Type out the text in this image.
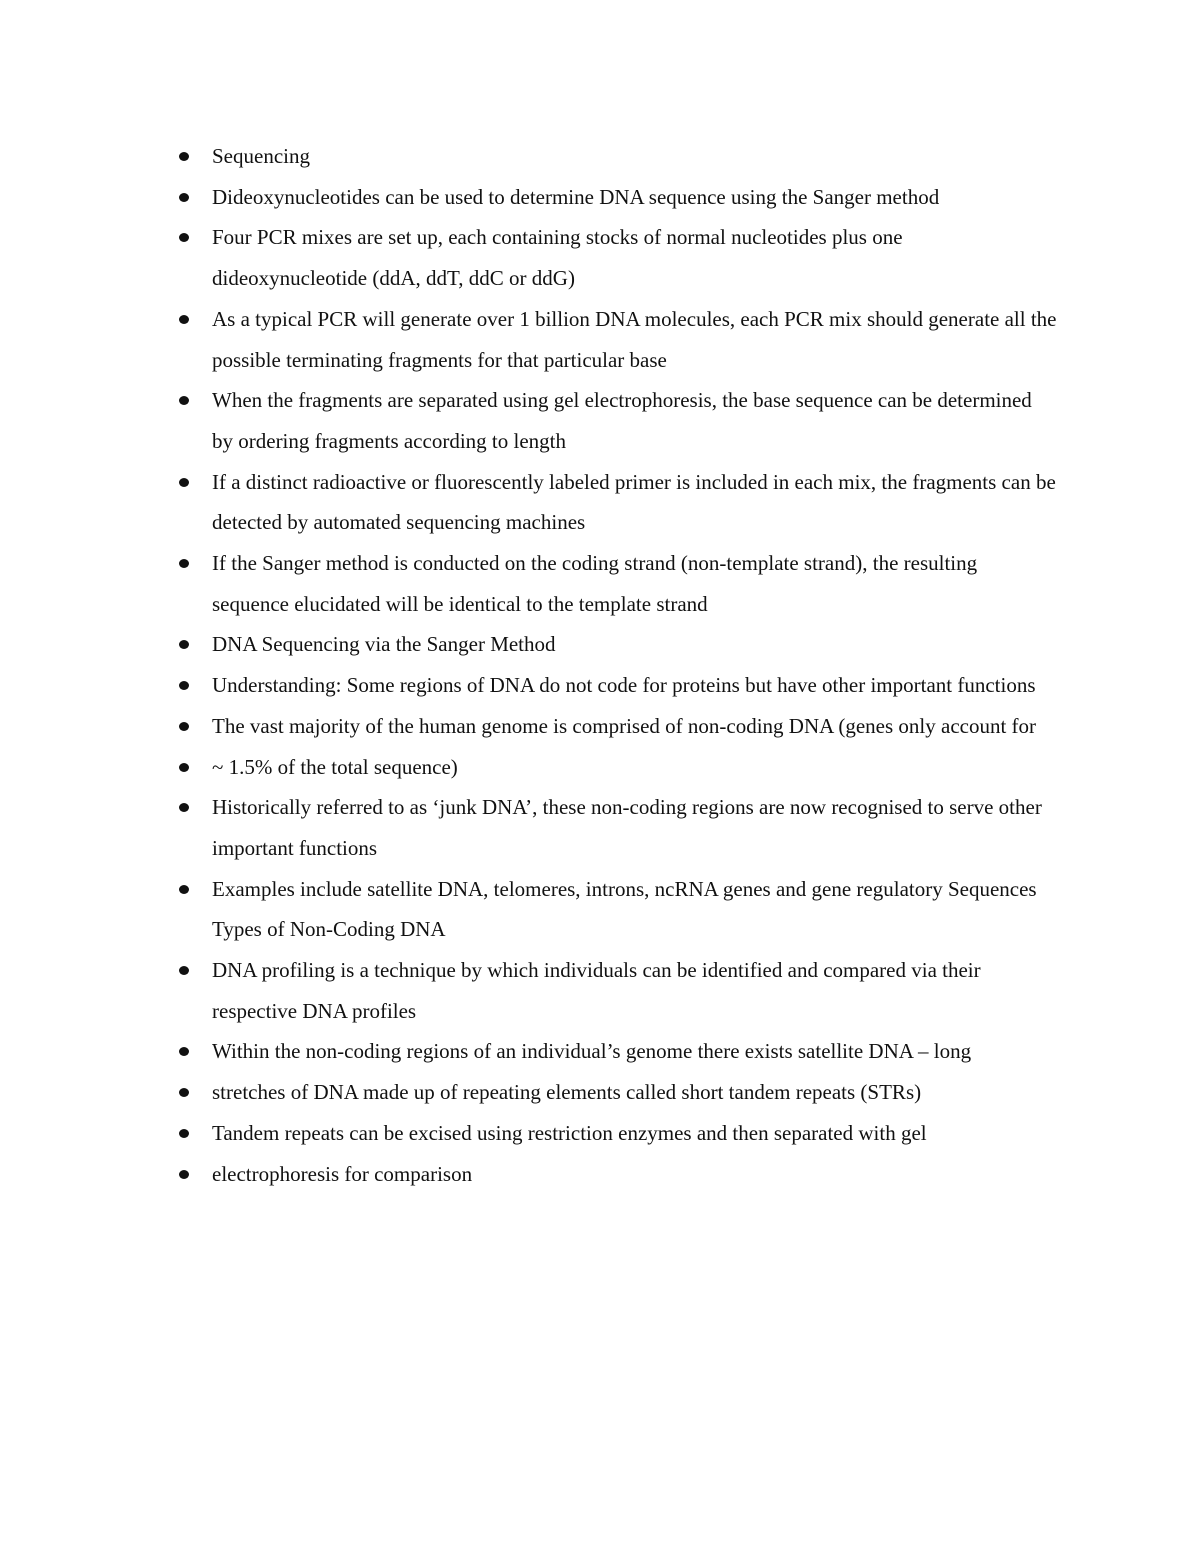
Sequencing
Dideoxynucleotides can be used to determine DNA sequence using the Sanger method
Four PCR mixes are set up, each containing stocks of normal nucleotides plus one dideoxynucleotide (ddA, ddT, ddC or ddG)
As a typical PCR will generate over 1 billion DNA molecules, each PCR mix should generate all the possible terminating fragments for that particular base
When the fragments are separated using gel electrophoresis, the base sequence can be determined by ordering fragments according to length
If a distinct radioactive or fluorescently labeled primer is included in each mix, the fragments can be detected by automated sequencing machines
If the Sanger method is conducted on the coding strand (non-template strand), the resulting sequence elucidated will be identical to the template strand
DNA Sequencing via the Sanger Method
Understanding: Some regions of DNA do not code for proteins but have other important functions
The vast majority of the human genome is comprised of non-coding DNA (genes only account for
~ 1.5% of the total sequence)
Historically referred to as ‘junk DNA’, these non-coding regions are now recognised to serve other important functions
Examples include satellite DNA, telomeres, introns, ncRNA genes and gene regulatory Sequences
Types of Non-Coding DNA
DNA profiling is a technique by which individuals can be identified and compared via their respective DNA profiles
Within the non-coding regions of an individual’s genome there exists satellite DNA – long
stretches of DNA made up of repeating elements called short tandem repeats (STRs)
Tandem repeats can be excised using restriction enzymes and then separated with gel
electrophoresis for comparison
